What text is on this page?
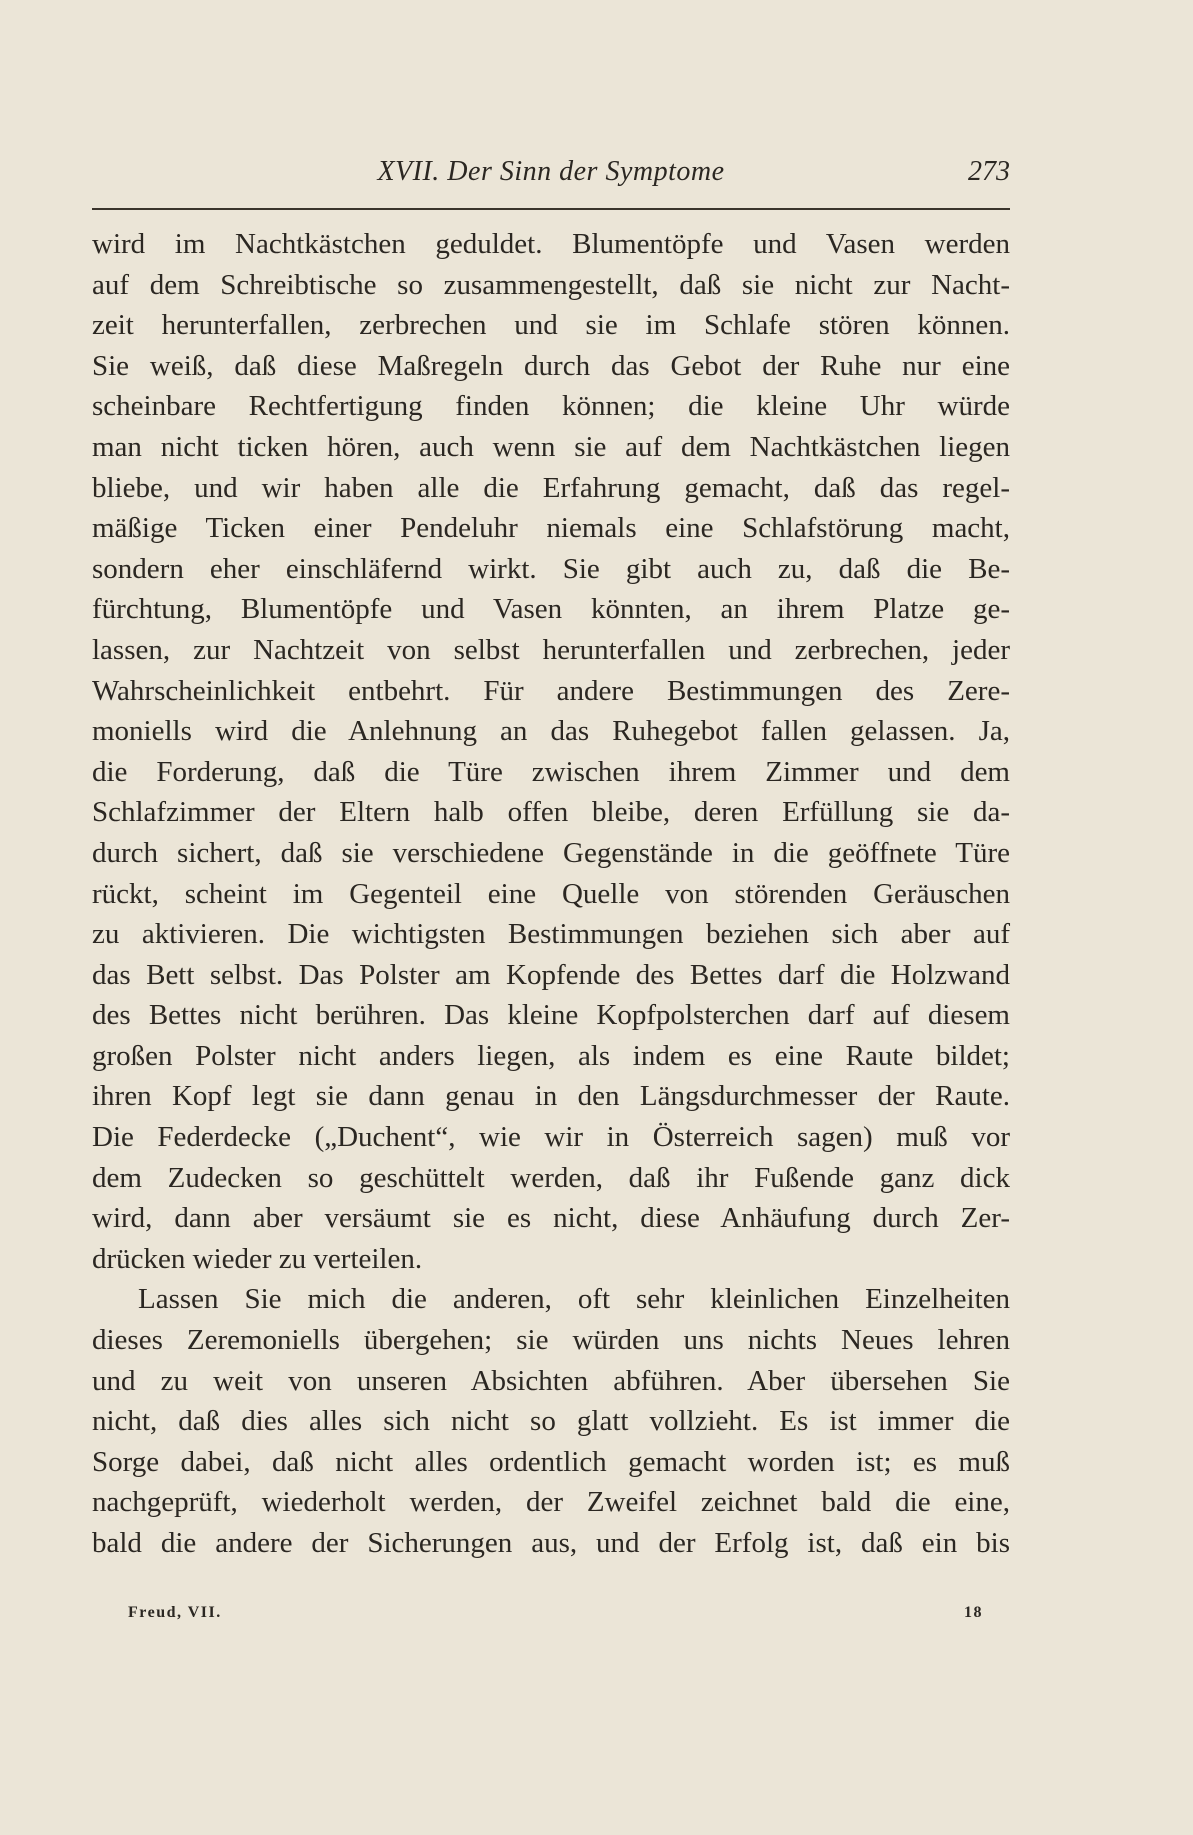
XVII. Der Sinn der Symptome	273

wird im Nachtkästchen geduldet. Blumentöpfe und Vasen werden

auf dem Schreibtische so zusammengestellt, daß sie nicht zur Nacht-

zeit herunterfallen, zerbrechen und sie im Schlafe stören können.

Sie weiß, daß diese Maßregeln durch das Gebot der Ruhe nur eine

scheinbare Rechtfertigung finden können; die kleine Uhr würde

man nicht ticken hören, auch wenn sie auf dem Nachtkästchen liegen

bliebe, und wir haben alle die Erfahrung gemacht, daß das regel-

mäßige Ticken einer Pendeluhr niemals eine Schlafstörung macht,

sondern eher einschläfernd wirkt. Sie gibt auch zu, daß die Be-

fürchtung, Blumentöpfe und Vasen könnten, an ihrem Platze ge-

lassen, zur Nachtzeit von selbst herunterfallen und zerbrechen, jeder

Wahrscheinlichkeit entbehrt. Für andere Bestimmungen des Zere-

moniells wird die Anlehnung an das Ruhegebot fallen gelassen. Ja,

die Forderung, daß die Türe zwischen ihrem Zimmer und dem

Schlafzimmer der Eltern halb offen bleibe, deren Erfüllung sie da-

durch sichert, daß sie verschiedene Gegenstände in die geöffnete Türe

rückt, scheint im Gegenteil eine Quelle von störenden Geräuschen

zu aktivieren. Die wichtigsten Bestimmungen beziehen sich aber auf

das Bett selbst. Das Polster am Kopfende des Bettes darf die Holzwand

des Bettes nicht berühren. Das kleine Kopfpolsterchen darf auf diesem

großen Polster nicht anders liegen, als indem es eine Raute bildet;

ihren Kopf legt sie dann genau in den Längsdurchmesser der Raute.

Die Federdecke („Duchent“, wie wir in Österreich sagen) muß vor

dem Zudecken so geschüttelt werden, daß ihr Fußende ganz dick

wird, dann aber versäumt sie es nicht, diese Anhäufung durch Zer-

drücken wieder zu verteilen.

Lassen Sie mich die anderen, oft sehr kleinlichen Einzelheiten

dieses Zeremoniells übergehen; sie würden uns nichts Neues lehren

und zu weit von unseren Absichten abführen. Aber übersehen Sie

nicht, daß dies alles sich nicht so glatt vollzieht. Es ist immer die

Sorge dabei, daß nicht alles ordentlich gemacht worden ist; es muß

nachgeprüft, wiederholt werden, der Zweifel zeichnet bald die eine,

bald die andere der Sicherungen aus, und der Erfolg ist, daß ein bis

Freud, VII.	18
